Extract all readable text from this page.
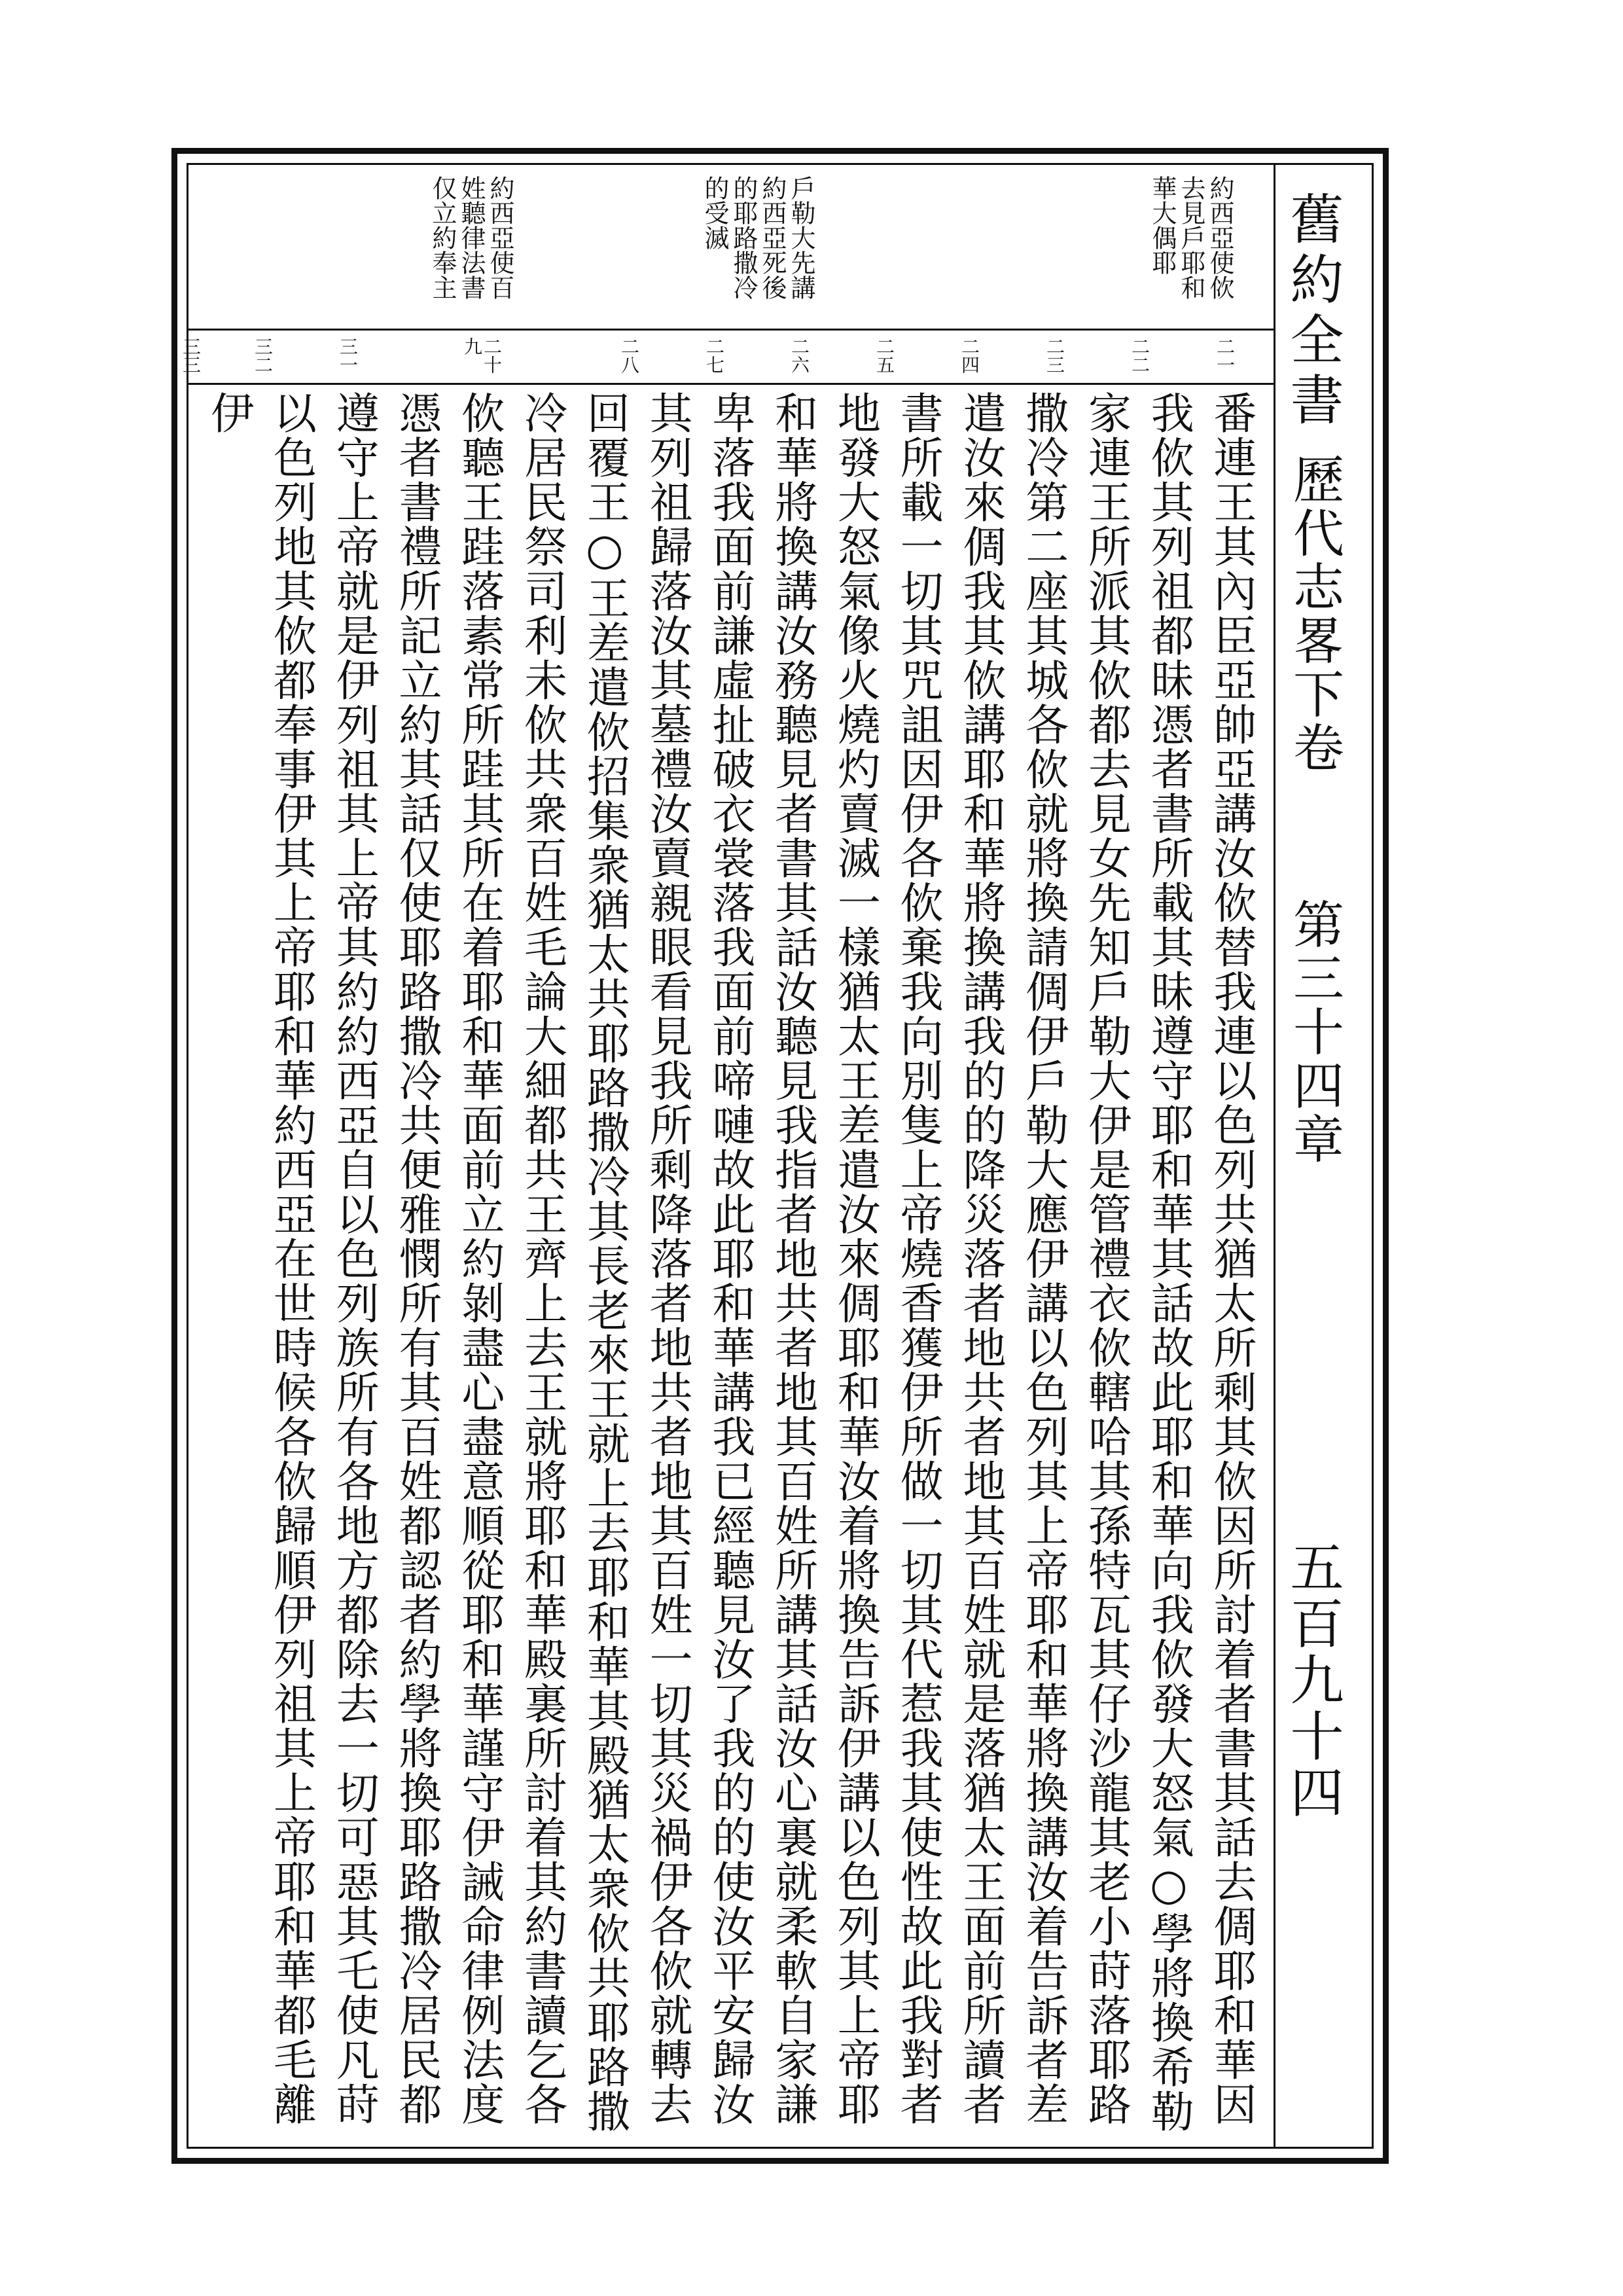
舊約全書
歷代志畧下卷
第三十四章
五百九十四
約西亞使佽去見戶耶和華大偶耶
戶勒大先講約西亞死後的耶路撒冷的受滅
約西亞使百姓聽律法書仅立約奉主
二一
二二
二三
二四
二五
二六
二七
二八
二十九
三一
三二
三三
番連王其內臣亞帥亞講汝佽替我連以色列共猶太所剩其佽因所討着者書其話去倜耶和華因
我佽其列祖都昧憑者書所載其昧遵守耶和華其話故此耶和華向我佽發大怒氣○學將換希勒
家連王所派其佽都去見女先知戶勒大伊是管禮衣佽轄哈其孫特瓦其仔沙龍其老小莳落耶路
撒冷第二座其城各佽就將換請倜伊戶勒大應伊講以色列其上帝耶和華將換講汝着告訴者差
遣汝來倜我其佽講耶和華將換講我的的降災落者地共者地其百姓就是落猶太王面前所讀者
書所載一切其咒詛因伊各佽棄我向別隻上帝燒香獲伊所做一切其代惹我其使性故此我對者
地發大怒氣像火燒灼賣滅一樣猶太王差遣汝來倜耶和華汝着將換告訴伊講以色列其上帝耶
和華將換講汝務聽見者書其話汝聽見我指者地共者地其百姓所講其話汝心裏就柔軟自家謙
卑落我面前謙虛扯破衣裳落我面前啼嗹故此耶和華講我已經聽見汝了我的的使汝平安歸汝
其列祖歸落汝其墓禮汝賣親眼看見我所剩降落者地共者地其百姓一切其災禍伊各佽就轉去
回覆王○王差遣佽招集衆猶太共耶路撒冷其長老來王就上去耶和華其殿猶太衆佽共耶路撒
冷居民祭司利未佽共衆百姓毛論大細都共王齊上去王就將耶和華殿裏所討着其約書讀乞各
佽聽王跬落素常所跬其所在着耶和華面前立約剝盡心盡意順從耶和華謹守伊誡命律例法度
憑者書禮所記立約其話仅使耶路撒冷共便雅憫所有其百姓都認者約學將換耶路撒冷居民都
遵守上帝就是伊列祖其上帝其約約西亞自以色列族所有各地方都除去一切可惡其乇使凡莳
以色列地其佽都奉事伊其上帝耶和華約西亞在世時候各佽歸順伊列祖其上帝耶和華都毛離
伊
